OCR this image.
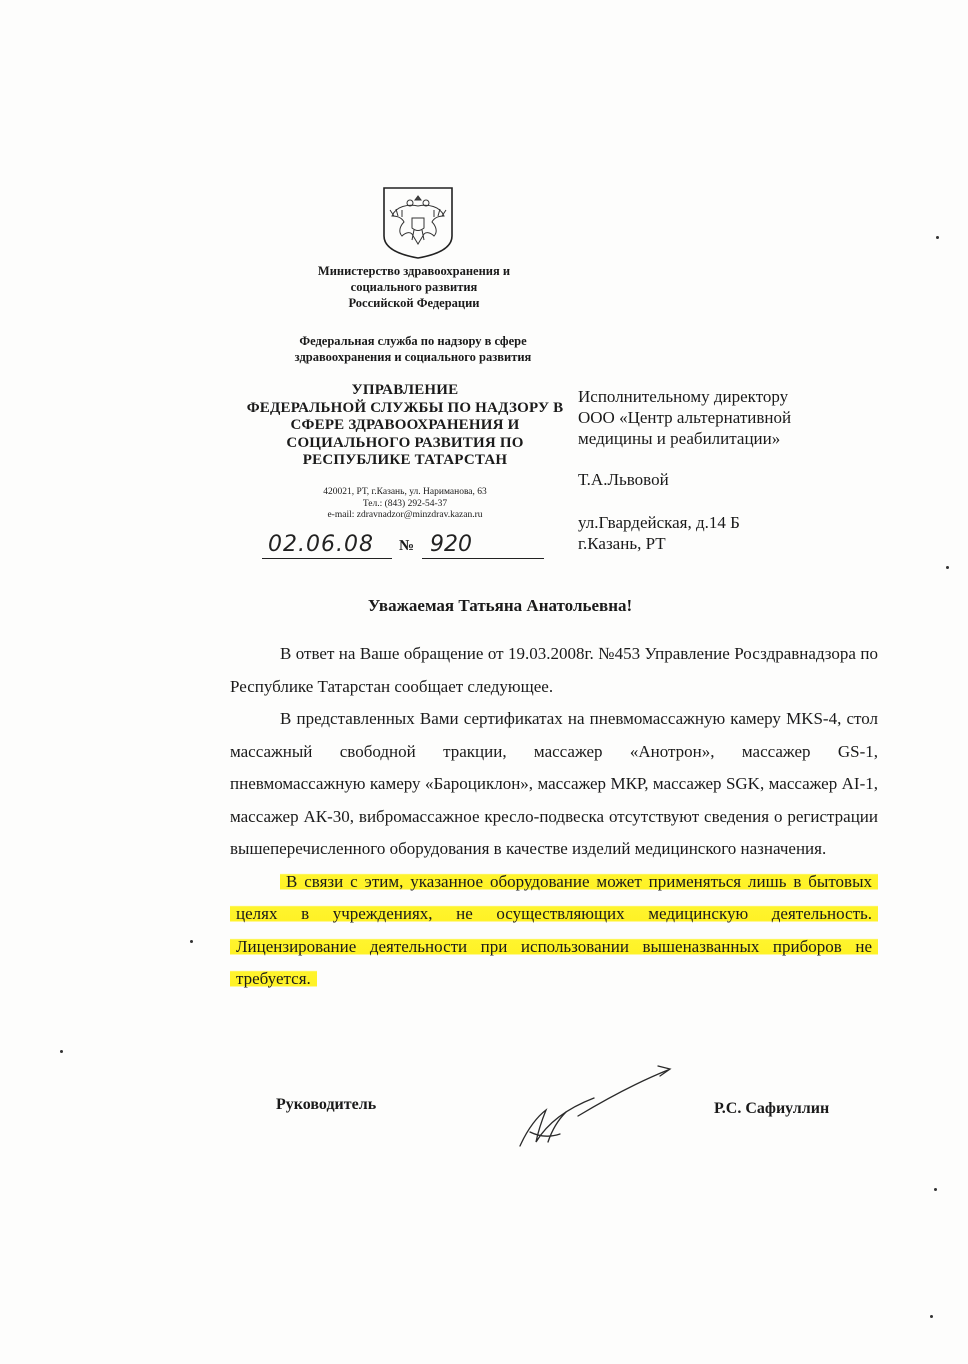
Министерство здравоохранения и
социального развития
Российской Федерации
Федеральная служба по надзору в сфере
здравоохранения и социального развития
УПРАВЛЕНИЕ
ФЕДЕРАЛЬНОЙ СЛУЖБЫ ПО НАДЗОРУ В
СФЕРЕ ЗДРАВООХРАНЕНИЯ И
СОЦИАЛЬНОГО РАЗВИТИЯ ПО
РЕСПУБЛИКЕ ТАТАРСТАН
420021, РТ, г.Казань, ул. Нариманова, 63
Тел.: (843) 292-54-37
e-mail: zdravnadzor@minzdrav.kazan.ru
02.06.08 № 920

Исполнительному директору

ООО «Центр альтернативной

медицины и реабилитации»

Т.А.Львовой

ул.Гвардейская, д.14 Б

г.Казань, РТ

Уважаемая Татьяна Анатольевна!

В ответ на Ваше обращение от 19.03.2008г. №453 Управление Росздравнадзора по Республике Татарстан сообщает следующее.

В представленных Вами сертификатах на пневмомассажную камеру MKS-4, стол массажный свободной тракции, массажер «Анотрон», массажер GS-1, пневмомассажную камеру «Бароциклон», массажер МКР, массажер SGK, массажер AI-1, массажер АК-30, вибромассажное кресло-подвеска отсутствуют сведения о регистрации вышеперечисленного оборудования в качестве изделий медицинского назначения.

В связи с этим, указанное оборудование может применяться лишь в бытовых целях в учреждениях, не осуществляющих медицинскую деятельность. Лицензирование деятельности при использовании вышеназванных приборов не требуется.

Руководитель	Р.С. Сафиуллин
